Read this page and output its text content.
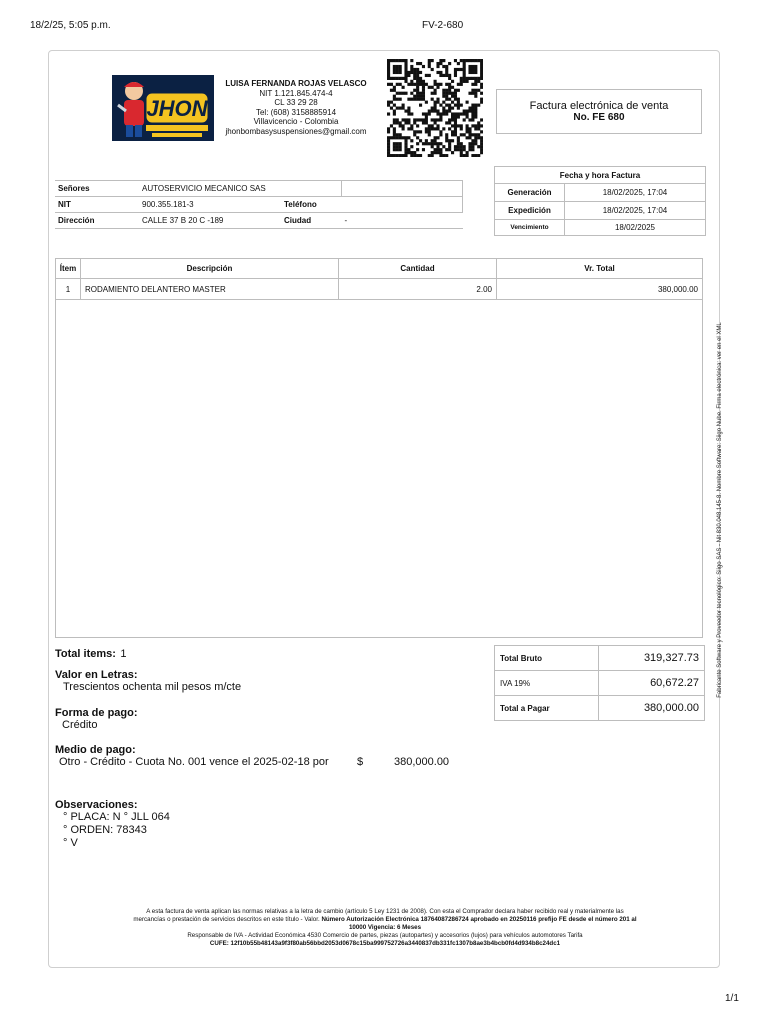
18/2/25, 5:05 p.m.	FV-2-680
1/1
JHON
LUISA FERNANDA ROJAS VELASCO
NIT 1.121.845.474-4
CL 33 29 28
Tel: (608) 3158885914
Villavicencio - Colombia
jhonbombasysuspensiones@gmail.com
Factura electrónica de venta
No. FE 680
Señores	AUTOSERVICIO MECANICO SAS		
NIT	900.355.181-3	Teléfono	
Dirección	CALLE 37 B 20 C -189	Ciudad	-
Fecha y hora Factura	
Generación	18/02/2025, 17:04
Expedición	18/02/2025, 17:04
Vencimiento	18/02/2025
Ítem	Descripción	Cantidad	Vr. Total
1	RODAMIENTO DELANTERO MASTER	2.00	380,000.00
Fabricante Software y Proveedor tecnológico: Siigo SAS - Nit 830.048.145-8. Nombre Software: Siigo Nube. Firma electrónica: ver en el XML
Total items: 1
Valor en Letras:
Trescientos ochenta mil pesos m/cte
Forma de pago:
Crédito
Medio de pago:
Otro - Crédito - Cuota No. 001 vence el 2025-02-18 por	$	380,000.00
Observaciones:
° PLACA: N ° JLL 064
° ORDEN: 78343
° V
Total Bruto	319,327.73
IVA 19%	60,672.27
Total a Pagar	380,000.00
A esta factura de venta aplican las normas relativas a la letra de cambio (artículo 5 Ley 1231 de 2008). Con esta el Comprador declara haber recibido real y materialmente las
mercancías o prestación de servicios descritos en este título - Valor. Número Autorización Electrónica 18764087286724 aprobado en 20250116 prefijo FE desde el número 201 al
10000 Vigencia: 6 Meses
Responsable de IVA - Actividad Económica 4530 Comercio de partes, piezas (autopartes) y accesorios (lujos) para vehículos automotores Tarifa
CUFE: 12f10b55b48143a9f3f80ab56bbd2053d0678c15ba999752726a3440837db331fc1307b8ae3b4bcb0fd4d934b8c24dc1
